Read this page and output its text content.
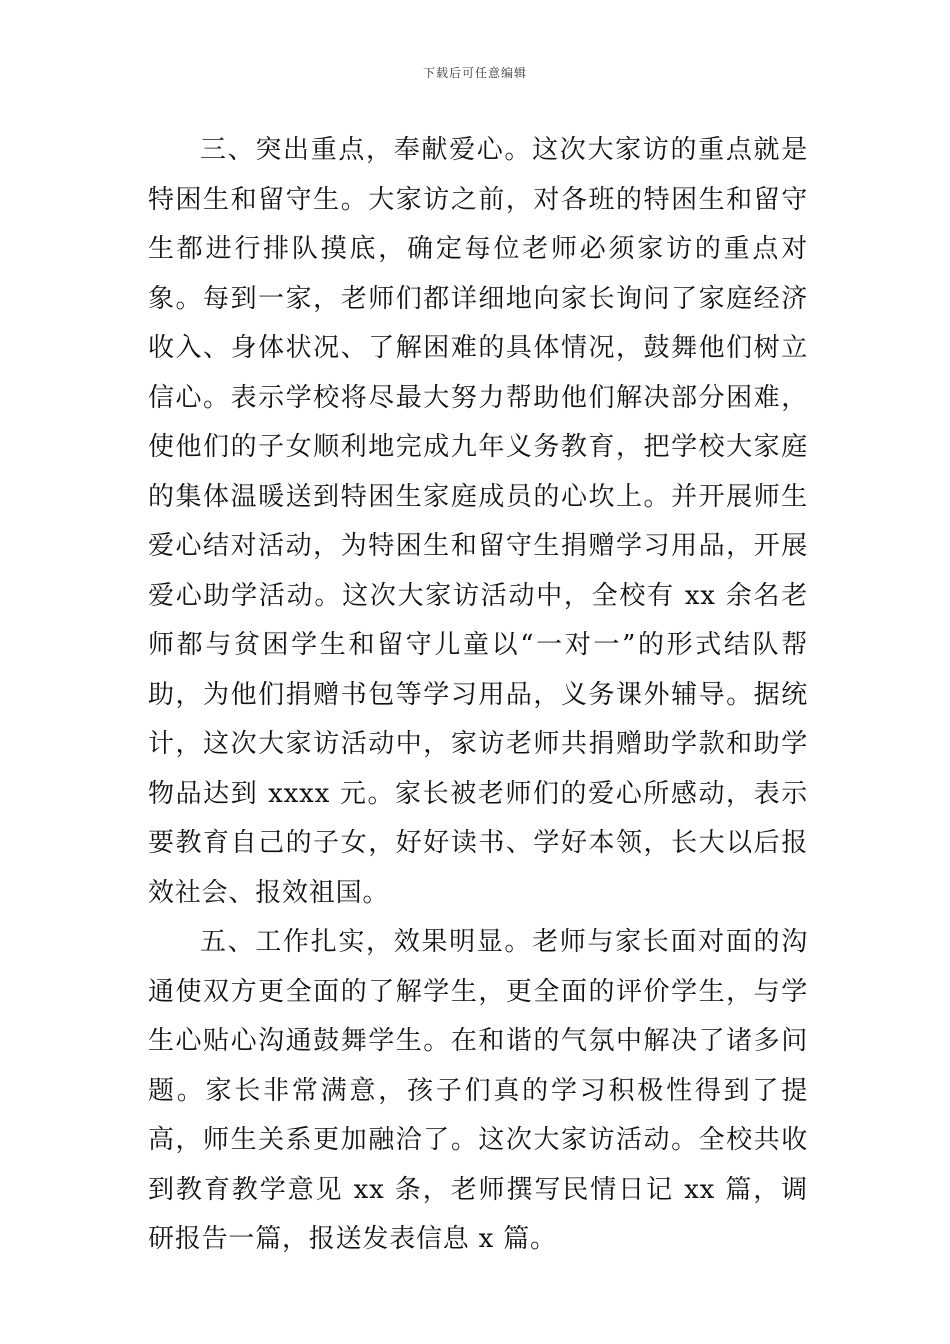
下载后可任意编辑

三、突出重点，奉献爱心。这次大家访的重点就是特困生和留守生。大家访之前，对各班的特困生和留守生都进行排队摸底，确定每位老师必须家访的重点对象。每到一家，老师们都详细地向家长询问了家庭经济收入、身体状况、了解困难的具体情况，鼓舞他们树立信心。表示学校将尽最大努力帮助他们解决部分困难，使他们的子女顺利地完成九年义务教育，把学校大家庭的集体温暖送到特困生家庭成员的心坎上。并开展师生爱心结对活动，为特困生和留守生捐赠学习用品，开展爱心助学活动。这次大家访活动中，全校有 xx 余名老师都与贫困学生和留守儿童以“一对一”的形式结队帮助，为他们捐赠书包等学习用品，义务课外辅导。据统计，这次大家访活动中，家访老师共捐赠助学款和助学物品达到 xxxx 元。家长被老师们的爱心所感动，表示要教育自己的子女，好好读书、学好本领，长大以后报效社会、报效祖国。

五、工作扎实，效果明显。老师与家长面对面的沟通使双方更全面的了解学生，更全面的评价学生，与学生心贴心沟通鼓舞学生。在和谐的气氛中解决了诸多问题。家长非常满意，孩子们真的学习积极性得到了提高，师生关系更加融洽了。这次大家访活动。全校共收到教育教学意见 xx 条，老师撰写民情日记 xx 篇，调研报告一篇，报送发表信息 x 篇。
